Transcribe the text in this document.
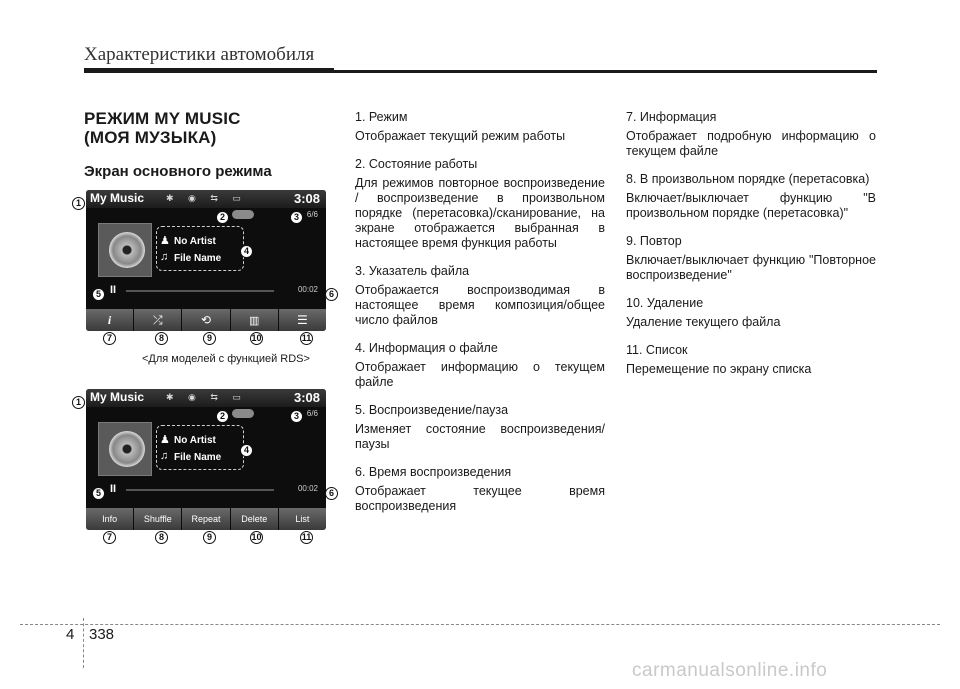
Характеристики автомобиля
РЕЖИМ MY MUSIC
(МОЯ МУЗЫКА)
Экран основного режима
My Music ✱ ◉ ⇆ ▭	3:08
6/6
♟ No Artist
♫ File Name
II	00:02
i	⤮	⟲	▥	☰
1
2	3
4
5	6
7	8	9	10	11
<Для моделей с функцией RDS>
My Music ✱ ◉ ⇆ ▭	3:08
6/6
♟ No Artist
♫ File Name
II	00:02
Info	Shuffle	Repeat	Delete	List
1
2	3
4
5	6
7	8	9	10	11
1. Режим
Отображает текущий режим работы
2. Состояние работы
Для режимов повторное воспроизведение / воспроизведение в произвольном порядке (перетасовка)/сканирование, на экране отображается выбранная в настоящее время функция работы
3. Указатель файла
Отображается воспроизводимая в настоящее время композиция/общее число файлов
4. Информация о файле
Отображает информацию о текущем файле
5. Воспроизведение/пауза
Изменяет состояние воспроизведения/паузы
6. Время воспроизведения
Отображает текущее время воспроизведения
7. Информация
Отображает подробную информацию о текущем файле
8. В произвольном порядке (перетасовка)
Включает/выключает функцию "В произвольном порядке (перетасовка)"
9. Повтор
Включает/выключает функцию "Повторное воспроизведение"
10. Удаление
Удаление текущего файла
11. Список
Перемещение по экрану списка
4 338
carmanualsonline.info
